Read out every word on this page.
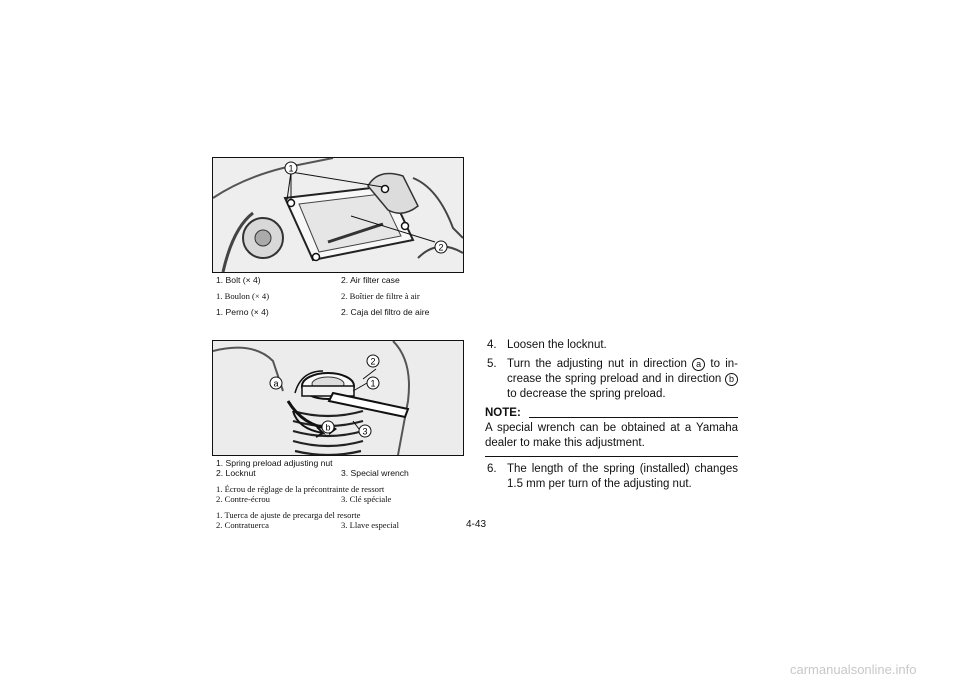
1
2
1. Bolt (× 4)	2. Air filter case
1. Boulon (× 4)	2. Boîtier de filtre à air
1. Perno (× 4)	2. Caja del filtro de aire
a
b
2
1
3
1. Spring preload adjusting nut
2. Locknut	3. Special wrench
1. Écrou de réglage de la précontrainte de ressort
2. Contre-écrou	3. Clé spéciale
1. Tuerca de ajuste de precarga del resorte
2. Contratuerca	3. Llave especial
4. Loosen the locknut.
5. Turn the adjusting nut in direction a to in-crease the spring preload and in direction b to decrease the spring preload.
NOTE:
A special wrench can be obtained at a Yamaha dealer to make this adjustment.
6. The length of the spring (installed) changes 1.5 mm per turn of the adjusting nut.
4-43
carmanualsonline.info
